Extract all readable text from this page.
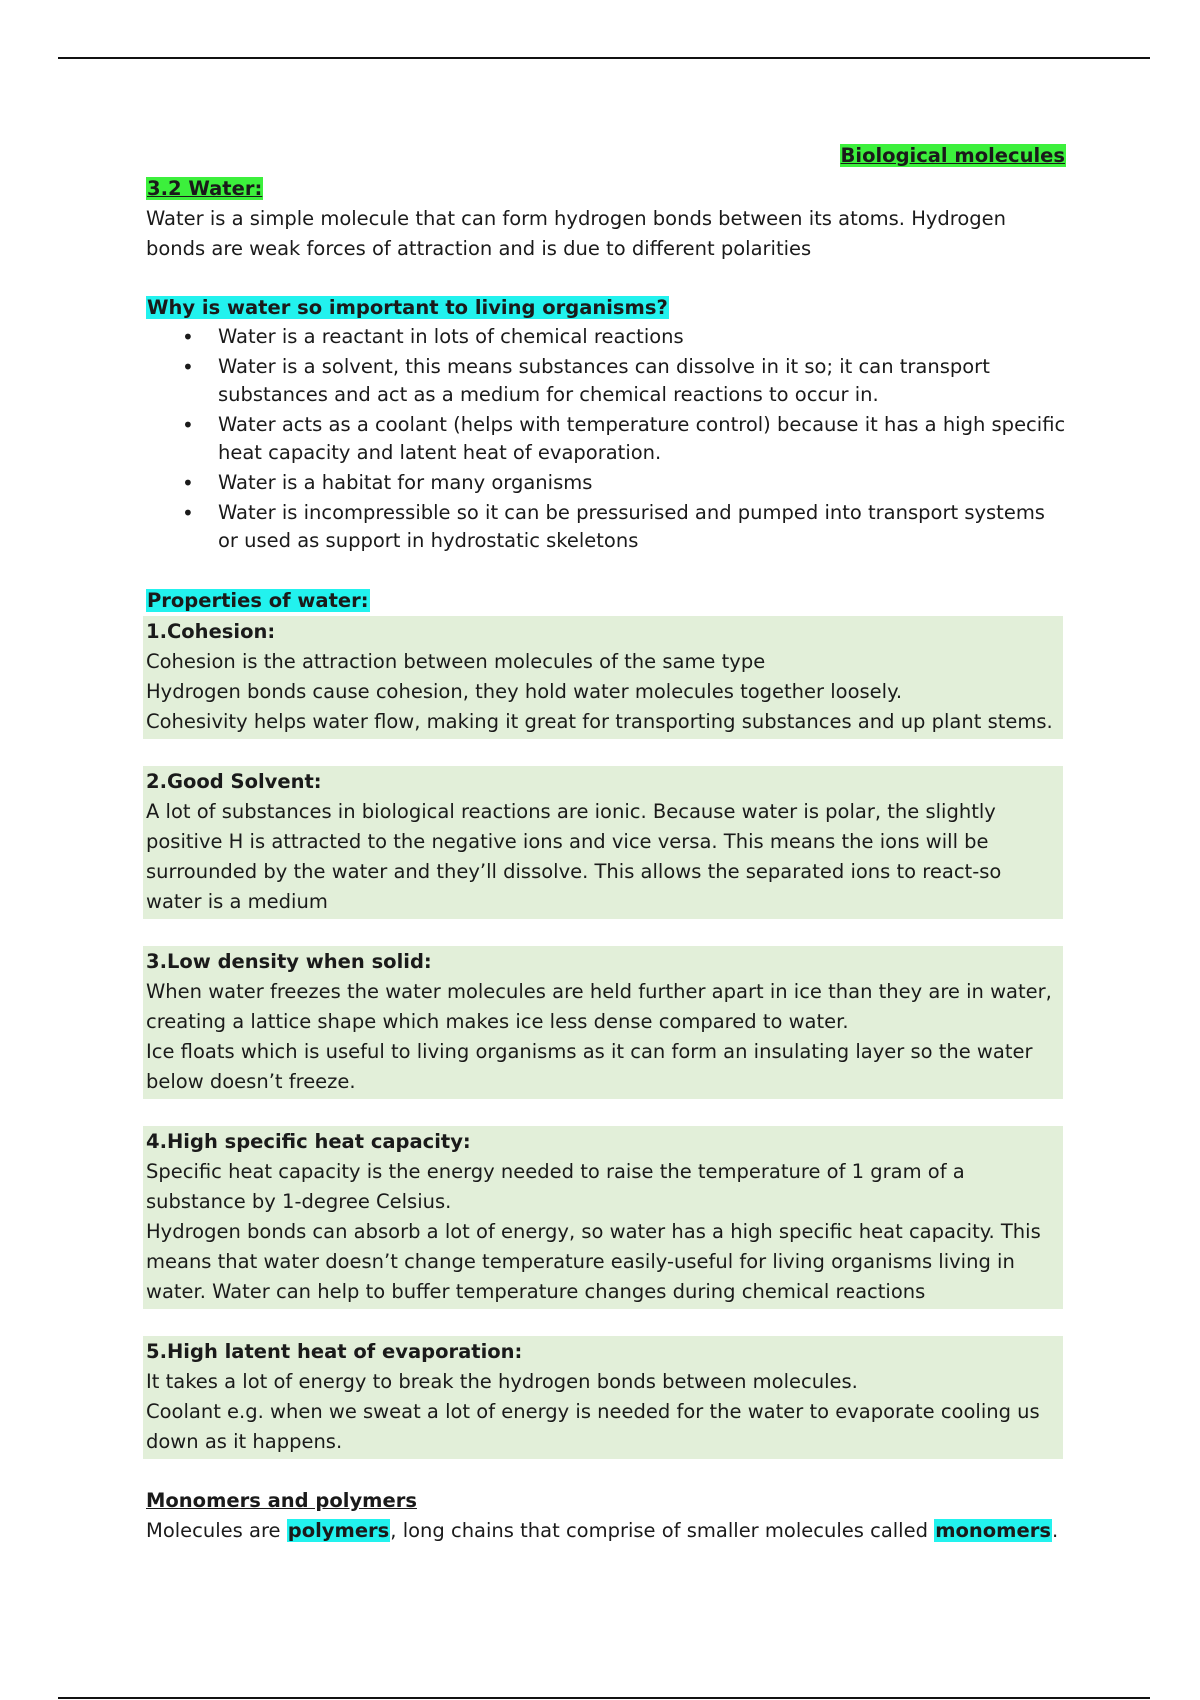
Biological molecules
3.2 Water:

Water is a simple molecule that can form hydrogen bonds between its atoms. Hydrogen bonds are weak forces of attraction and is due to different polarities

Why is water so important to living organisms?
• Water is a reactant in lots of chemical reactions
• Water is a solvent, this means substances can dissolve in it so; it can transport substances and act as a medium for chemical reactions to occur in.
• Water acts as a coolant (helps with temperature control) because it has a high specific heat capacity and latent heat of evaporation.
• Water is a habitat for many organisms
• Water is incompressible so it can be pressurised and pumped into transport systems or used as support in hydrostatic skeletons
Properties of water:
1.Cohesion:
Cohesion is the attraction between molecules of the same type
Hydrogen bonds cause cohesion, they hold water molecules together loosely.
Cohesivity helps water flow, making it great for transporting substances and up plant stems.
2.Good Solvent:
A lot of substances in biological reactions are ionic. Because water is polar, the slightly positive H is attracted to the negative ions and vice versa. This means the ions will be surrounded by the water and they’ll dissolve. This allows the separated ions to react-so water is a medium
3.Low density when solid:
When water freezes the water molecules are held further apart in ice than they are in water, creating a lattice shape which makes ice less dense compared to water.
Ice floats which is useful to living organisms as it can form an insulating layer so the water below doesn’t freeze.
4.High specific heat capacity:
Specific heat capacity is the energy needed to raise the temperature of 1 gram of a substance by 1-degree Celsius.
Hydrogen bonds can absorb a lot of energy, so water has a high specific heat capacity. This means that water doesn’t change temperature easily-useful for living organisms living in water. Water can help to buffer temperature changes during chemical reactions
5.High latent heat of evaporation:
It takes a lot of energy to break the hydrogen bonds between molecules.
Coolant e.g. when we sweat a lot of energy is needed for the water to evaporate cooling us down as it happens.
Monomers and polymers
Molecules are polymers, long chains that comprise of smaller molecules called monomers.
